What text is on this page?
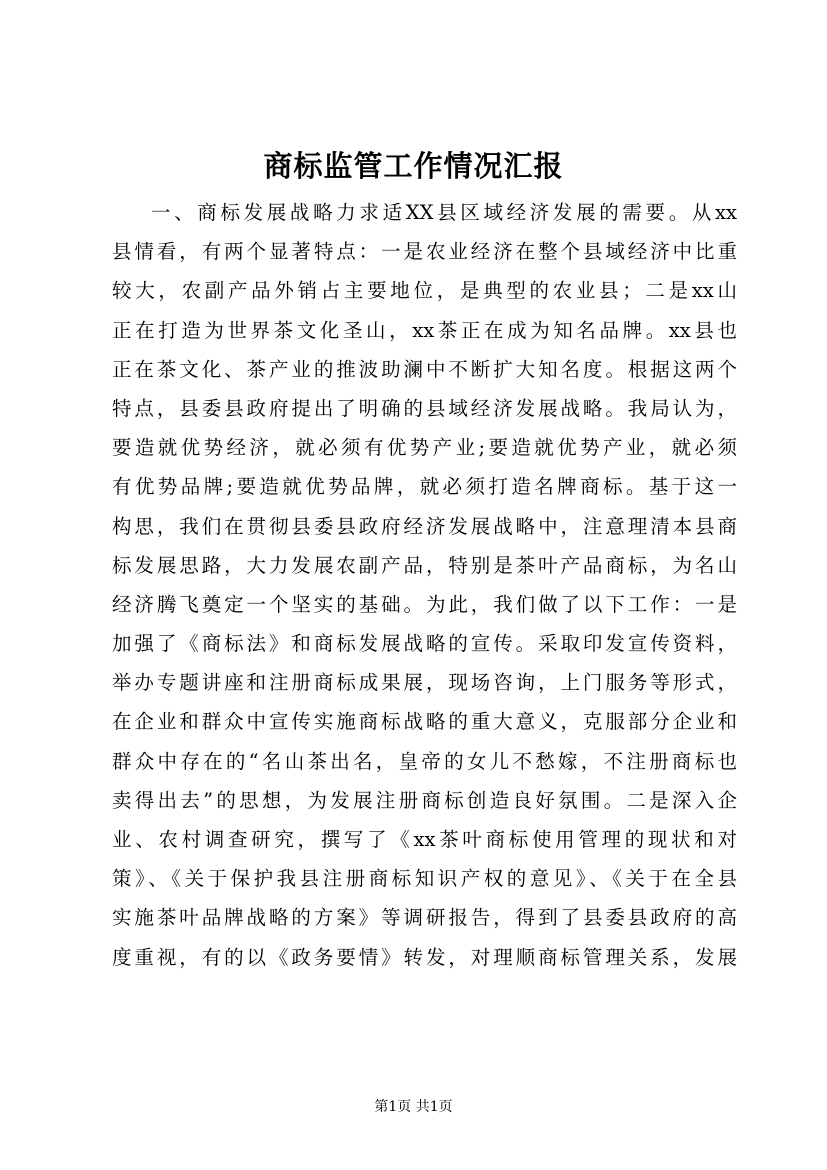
商标监管工作情况汇报
一、商标发展战略力求适XX县区域经济发展的需要。从xx
县情看，有两个显著特点：一是农业经济在整个县域经济中比重
较大，农副产品外销占主要地位，是典型的农业县；二是xx山
正在打造为世界茶文化圣山，xx茶正在成为知名品牌。xx县也
正在茶文化、茶产业的推波助澜中不断扩大知名度。根据这两个
特点，县委县政府提出了明确的县域经济发展战略。我局认为，
要造就优势经济，就必须有优势产业;要造就优势产业，就必须
有优势品牌;要造就优势品牌，就必须打造名牌商标。基于这一
构思，我们在贯彻县委县政府经济发展战略中，注意理清本县商
标发展思路，大力发展农副产品，特别是茶叶产品商标，为名山
经济腾飞奠定一个坚实的基础。为此，我们做了以下工作：一是
加强了《商标法》和商标发展战略的宣传。采取印发宣传资料，
举办专题讲座和注册商标成果展，现场咨询，上门服务等形式，
在企业和群众中宣传实施商标战略的重大意义，克服部分企业和
群众中存在的“名山茶出名，皇帝的女儿不愁嫁，不注册商标也
卖得出去”的思想，为发展注册商标创造良好氛围。二是深入企
业、农村调查研究，撰写了《xx茶叶商标使用管理的现状和对
策》、《关于保护我县注册商标知识产权的意见》、《关于在全县
实施茶叶品牌战略的方案》等调研报告，得到了县委县政府的高
度重视，有的以《政务要情》转发，对理顺商标管理关系，发展
第1页 共1页
